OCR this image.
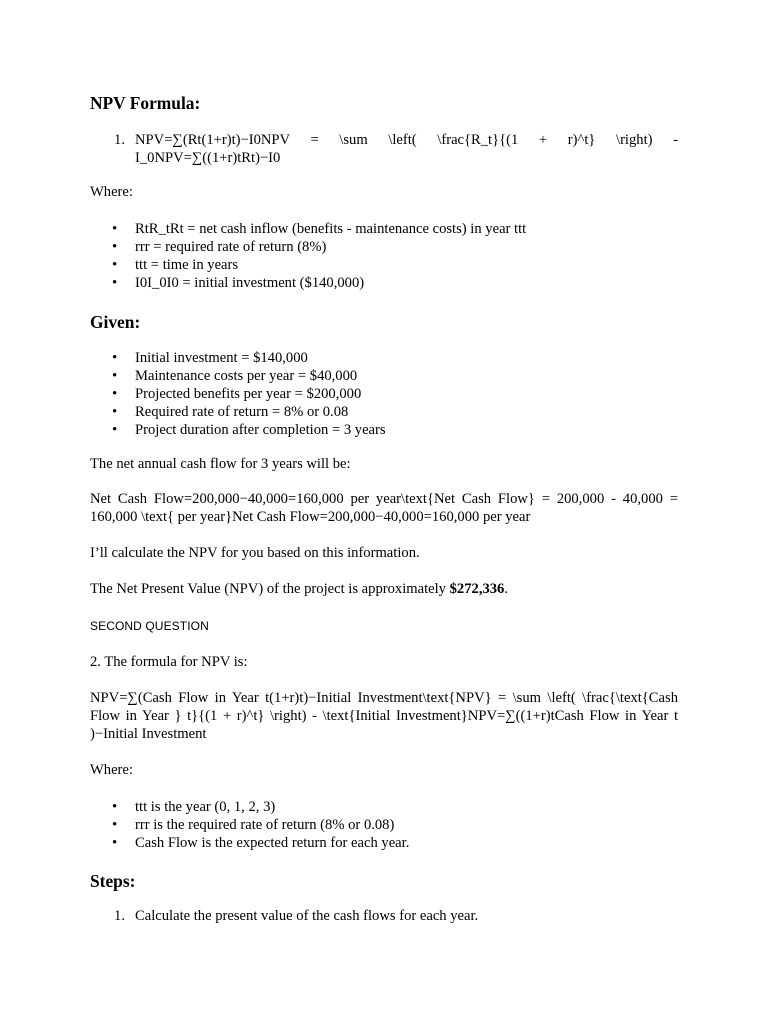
NPV Formula:
1. NPV=∑(Rt(1+r)t)−I0NPV = \sum \left( \frac{R_t}{(1 + r)^t} \right) -
I_0NPV=∑((1+r)tRt)−I0

Where:

• RtR_tRt = net cash inflow (benefits - maintenance costs) in year ttt
• rrr = required rate of return (8%)
• ttt = time in years
• I0I_0I0 = initial investment ($140,000)
Given:
• Initial investment = $140,000
• Maintenance costs per year = $40,000
• Projected benefits per year = $200,000
• Required rate of return = 8% or 0.08
• Project duration after completion = 3 years

The net annual cash flow for 3 years will be:

Net Cash Flow=200,000−40,000=160,000 per year\text{Net Cash Flow} = 200,000 - 40,000 =

160,000 \text{ per year}Net Cash Flow=200,000−40,000=160,000 per year

I’ll calculate the NPV for you based on this information.

The Net Present Value (NPV) of the project is approximately $272,336.

SECOND QUESTION

2. The formula for NPV is:

NPV=∑(Cash Flow in Year t(1+r)t)−Initial Investment\text{NPV} = \sum \left( \frac{\text{Cash

Flow in Year } t}{(1 + r)^t} \right) - \text{Initial Investment}NPV=∑((1+r)tCash Flow in Year t

)−Initial Investment

Where:

• ttt is the year (0, 1, 2, 3)
• rrr is the required rate of return (8% or 0.08)
• Cash Flow is the expected return for each year.
Steps:
1. Calculate the present value of the cash flows for each year.
